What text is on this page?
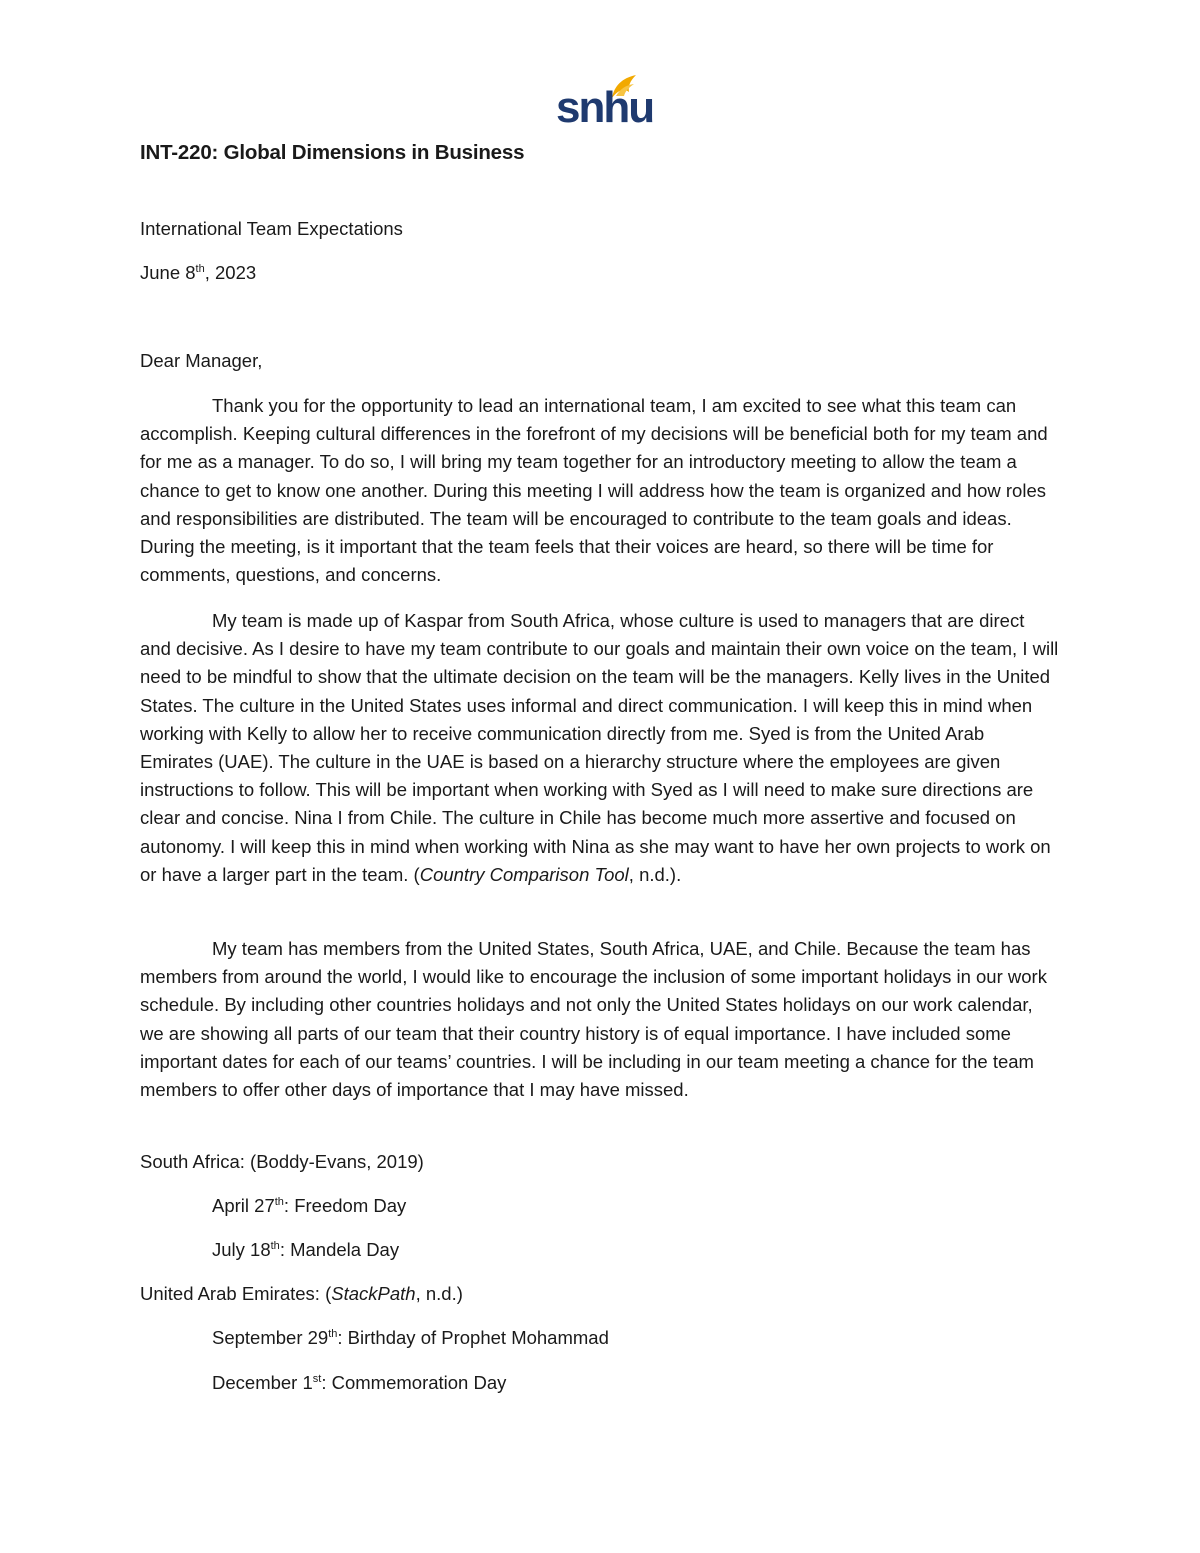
snhu
INT-220: Global Dimensions in Business

International Team Expectations

June 8th, 2023

Dear Manager,

Thank you for the opportunity to lead an international team, I am excited to see what this team can accomplish. Keeping cultural differences in the forefront of my decisions will be beneficial both for my team and for me as a manager. To do so, I will bring my team together for an introductory meeting to allow the team a chance to get to know one another. During this meeting I will address how the team is organized and how roles and responsibilities are distributed. The team will be encouraged to contribute to the team goals and ideas. During the meeting, is it important that the team feels that their voices are heard, so there will be time for comments, questions, and concerns.

My team is made up of Kaspar from South Africa, whose culture is used to managers that are direct and decisive. As I desire to have my team contribute to our goals and maintain their own voice on the team, I will need to be mindful to show that the ultimate decision on the team will be the managers. Kelly lives in the United States. The culture in the United States uses informal and direct communication. I will keep this in mind when working with Kelly to allow her to receive communication directly from me. Syed is from the United Arab Emirates (UAE). The culture in the UAE is based on a hierarchy structure where the employees are given instructions to follow. This will be important when working with Syed as I will need to make sure directions are clear and concise. Nina I from Chile. The culture in Chile has become much more assertive and focused on autonomy. I will keep this in mind when working with Nina as she may want to have her own projects to work on or have a larger part in the team. (Country Comparison Tool, n.d.).

My team has members from the United States, South Africa, UAE, and Chile. Because the team has members from around the world, I would like to encourage the inclusion of some important holidays in our work schedule. By including other countries holidays and not only the United States holidays on our work calendar, we are showing all parts of our team that their country history is of equal importance. I have included some important dates for each of our teams’ countries. I will be including in our team meeting a chance for the team members to offer other days of importance that I may have missed.

South Africa: (Boddy-Evans, 2019)

April 27th: Freedom Day

July 18th: Mandela Day

United Arab Emirates: (StackPath, n.d.)

September 29th: Birthday of Prophet Mohammad

December 1st: Commemoration Day
